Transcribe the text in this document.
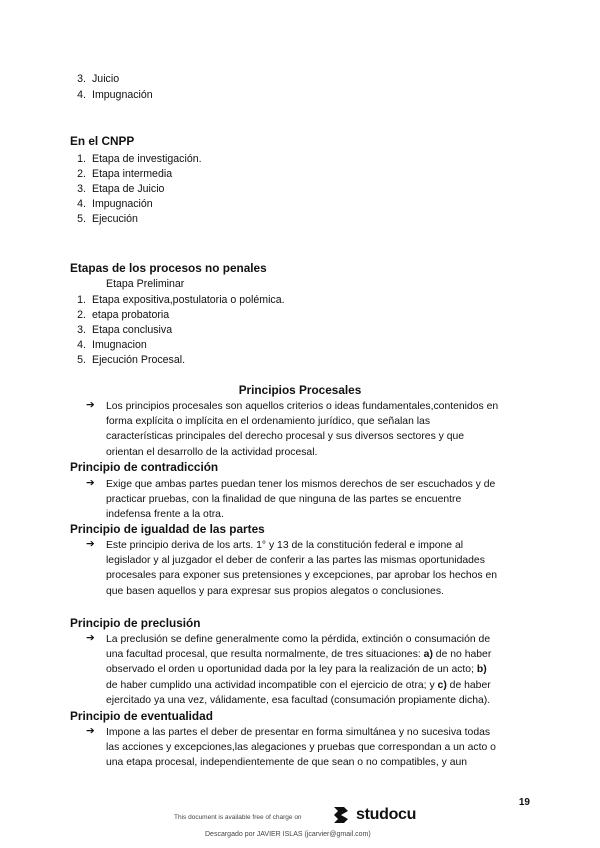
3. Juicio
4. Impugnación
En el CNPP
1. Etapa de investigación.
2. Etapa intermedia
3. Etapa de Juicio
4. Impugnación
5. Ejecución
Etapas de los procesos no penales
Etapa Preliminar
1. Etapa expositiva,postulatoria o polémica.
2. etapa probatoria
3. Etapa conclusiva
4. Imugnacion
5. Ejecución Procesal.
Principios Procesales
➔ Los principios procesales son aquellos criterios o ideas fundamentales,contenidos en
forma explícita o implícita en el ordenamiento jurídico, que señalan las
características principales del derecho procesal y sus diversos sectores y que
orientan el desarrollo de la actividad procesal.
Principio de contradicción
➔ Exige que ambas partes puedan tener los mismos derechos de ser escuchados y de
practicar pruebas, con la finalidad de que ninguna de las partes se encuentre
indefensa frente a la otra.
Principio de igualdad de las partes
➔ Este principio deriva de los arts. 1° y 13 de la constitución federal e impone al
legislador y al juzgador el deber de conferir a las partes las mismas oportunidades
procesales para exponer sus pretensiones y excepciones, par aprobar los hechos en
que basen aquellos y para expresar sus propios alegatos o conclusiones.
Principio de preclusión
➔ La preclusión se define generalmente como la pérdida, extinción o consumación de
una facultad procesal, que resulta normalmente, de tres situaciones: a) de no haber
observado el orden u oportunidad dada por la ley para la realización de un acto; b)
de haber cumplido una actividad incompatible con el ejercicio de otra; y c) de haber
ejercitado ya una vez, válidamente, esa facultad (consumación propiamente dicha).
Principio de eventualidad
➔ Impone a las partes el deber de presentar en forma simultánea y no sucesiva todas
las acciones y excepciones,las alegaciones y pruebas que correspondan a un acto o
una etapa procesal, independientemente de que sean o no compatibles, y aun
19
This document is available free of charge on	studocu
Descargado por JAVIER ISLAS (jcarvier@gmail.com)
